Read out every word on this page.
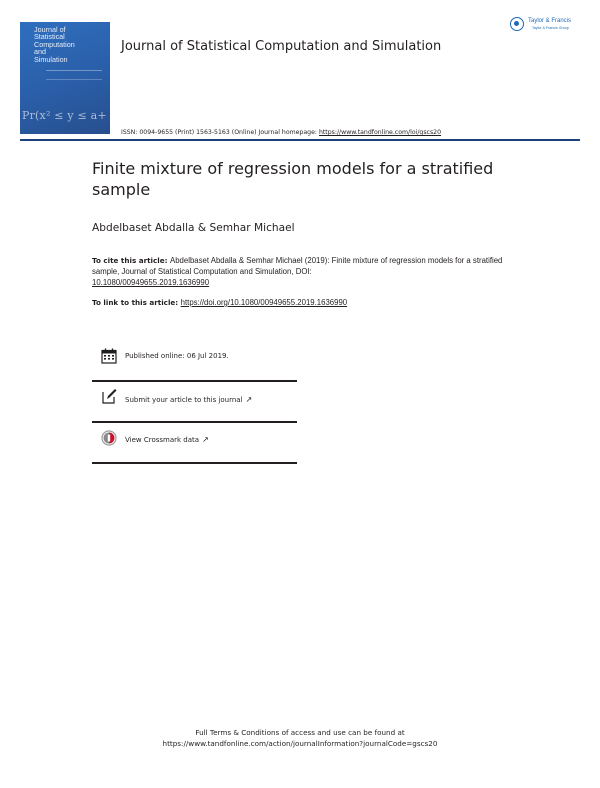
Journal of
Statistical
Computation
and
Simulation
Pr(x² ≤ y ≤ a+ t) = P1
Journal of Statistical Computation and Simulation
Taylor & Francis
Taylor & Francis Group
ISSN: 0094-9655 (Print) 1563-5163 (Online) Journal homepage: https://www.tandfonline.com/loi/gscs20
Finite mixture of regression models for a stratified sample
Abdelbaset Abdalla & Semhar Michael
To cite this article: Abdelbaset Abdalla & Semhar Michael (2019): Finite mixture of regression models for a stratified sample, Journal of Statistical Computation and Simulation, DOI:
10.1080/00949655.2019.1636990
To link to this article: https://doi.org/10.1080/00949655.2019.1636990
Published online: 06 Jul 2019.
Submit your article to this journal ↗
View Crossmark data ↗
Full Terms & Conditions of access and use can be found at
https://www.tandfonline.com/action/journalInformation?journalCode=gscs20
